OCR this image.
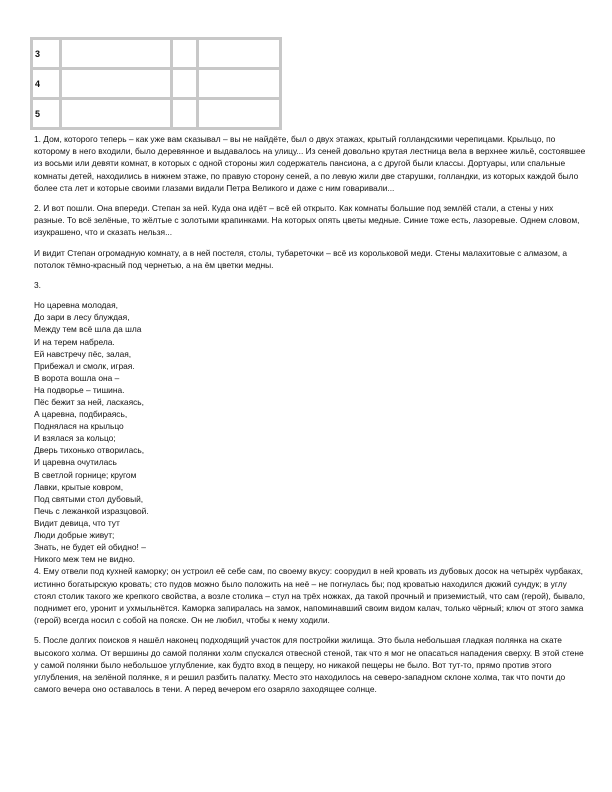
3			
4			
5			

1. Дом, которого теперь – как уже вам сказывал – вы не найдёте, был о двух этажах, крытый голландскими черепицами. Крыльцо, по которому в него входили, было деревянное и выдавалось на улицу... Из сеней довольно крутая лестница вела в верхнее жильё, состоявшее из восьми или девяти комнат, в которых с одной стороны жил содержатель пансиона, а с другой были классы. Дортуары, или спальные комнаты детей, находились в нижнем этаже, по правую сторону сеней, а по левую жили две старушки, голландки, из которых каждой было более ста лет и которые своими глазами видали Петра Великого и даже с ним говаривали...

2. И вот пошли. Она впереди. Степан за ней. Куда она идёт – всё ей открыто. Как комнаты большие под землёй стали, а стены у них разные. То всё зелёные, то жёлтые с золотыми крапинками. На которых опять цветы медные. Синие тоже есть, лазоревые. Однем словом, изукрашено, что и сказать нельзя...

И видит Степан огромадную комнату, а в ней постеля, столы, тубареточки – всё из корольковой меди. Стены малахитовые с алмазом, а потолок тёмно-красный под чернетью, а на ём цветки медны.

3.

Но царевна молодая,
До зари в лесу блуждая,
Между тем всё шла да шла
И на терем набрела.
Ей навстречу пёс, залая,
Прибежал и смолк, играя.
В ворота вошла она –
На подворье – тишина.
Пёс бежит за ней, ласкаясь,
А царевна, подбираясь,
Поднялася на крыльцо
И взялася за кольцо;
Дверь тихонько отворилась,
И царевна очутилась
В светлой горнице; кругом
Лавки, крытые ковром,
Под святыми стол дубовый,
Печь с лежанкой изразцовой.
Видит девица, что тут
Люди добрые живут;
Знать, не будет ей обидно! –
Никого меж тем не видно.

4. Ему отвели под кухней каморку; он устроил её себе сам, по своему вкусу: соорудил в ней кровать из дубовых досок на четырёх чурбаках, истинно богатырскую кровать; сто пудов можно было положить на неё – не погнулась бы; под кроватью находился дюжий сундук; в углу стоял столик такого же крепкого свойства, а возле столика – стул на трёх ножках, да такой прочный и приземистый, что сам (герой), бывало, поднимет его, уронит и ухмыльнётся. Каморка запиралась на замок, напоминавший своим видом калач, только чёрный; ключ от этого замка (герой) всегда носил с собой на пояске. Он не любил, чтобы к нему ходили.

5. После долгих поисков я нашёл наконец подходящий участок для постройки жилища. Это была небольшая гладкая полянка на скате высокого холма. От вершины до самой полянки холм спускался отвесной стеной, так что я мог не опасаться нападения сверху. В этой стене у самой полянки было небольшое углубление, как будто вход в пещеру, но никакой пещеры не было. Вот тут-то, прямо против этого углубления, на зелёной полянке, я и решил разбить палатку. Место это находилось на северо-западном склоне холма, так что почти до самого вечера оно оставалось в тени. А перед вечером его озаряло заходящее солнце.
